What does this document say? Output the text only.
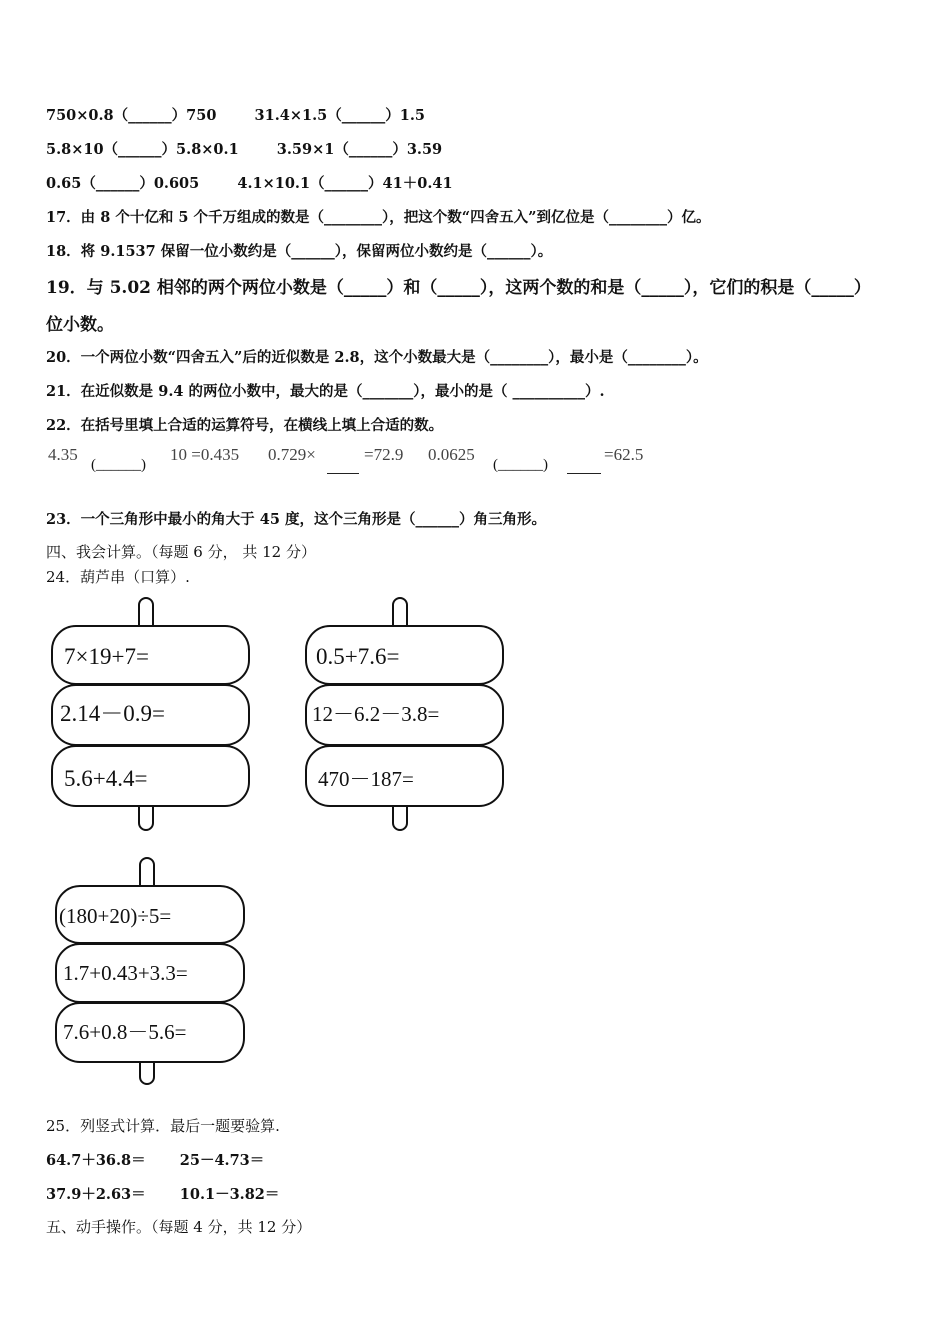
750×0.8（______）750	31.4×1.5（______）1.5
5.8×10（______）5.8×0.1	3.59×1（______）3.59
0.65（______）0.605	4.1×10.1（______）41＋0.41
17．由 8 个十亿和 5 个千万组成的数是（________），把这个数“四舍五入”到亿位是（________）亿。
18．将 9.1537 保留一位小数约是（______），保留两位小数约是（______）。
19．与 5.02 相邻的两个两位小数是（_____）和（_____），这两个数的和是（_____），它们的积是（_____）
位小数。
20．一个两位小数“四舍五入”后的近似数是 2.8，这个小数最大是（________），最小是（________）。
21．在近似数是 9.4 的两位小数中，最大的是（_______），最小的是（ __________）.
22．在括号里填上合适的运算符号，在横线上填上合适的数。
4.35
(______)
10 =0.435 0.729×	=72.9 0.0625
(______)
=62.5
23．一个三角形中最小的角大于 45 度，这个三角形是（______）角三角形。
四、我会计算。（每题 6 分， 共 12 分）
24．葫芦串（口算）.
7×19+7=
2.14－0.9=
5.6+4.4=
0.5+7.6=
12－6.2－3.8=
470－187=
(180+20)÷5=
1.7+0.43+3.3=
7.6+0.8－5.6=
25．列竖式计算．最后一题要验算.
64.7＋36.8＝ 25－4.73＝
37.9＋2.63＝ 10.1－3.82＝
五、动手操作。（每题 4 分，共 12 分）
